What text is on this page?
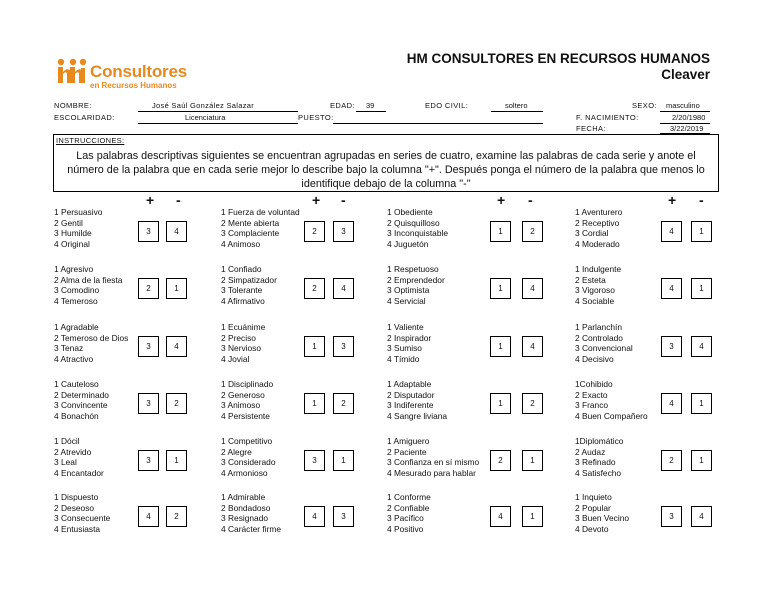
Consultores
en Recursos Humanos
HM CONSULTORES EN RECURSOS HUMANOS
Cleaver
NOMBRE:	José Saúl González Salazar	EDAD: 39	EDO CIVIL:	soltero	SEXO: masculino
ESCOLARIDAD:	Licenciatura	PUESTO:	F. NACIMIENTO:	2/20/1980
FECHA:	3/22/2019
INSTRUCCIONES:
Las palabras descriptivas siguientes se encuentran agrupadas en series de cuatro, examine las palabras de cada serie y anote el número de la palabra que en cada serie mejor lo describe bajo la columna "+". Después ponga el número de la palabra que menos lo identifique debajo de la columna "-"
+ -	+ -	+ -	+ -
1 Persuasivo
2 Gentil
3 Humilde
4 Original
3	4
1 Agresivo
2 Alma de la fiesta
3 Comodino
4 Temeroso
2	1
1 Agradable
2 Temeroso de Dios
3 Tenaz
4 Atractivo
3	4
1 Cauteloso
2 Determinado
3 Convincente
4 Bonachón
3	2
1 Dócil
2 Atrevido
3 Leal
4 Encantador
3	1
1 Dispuesto
2 Deseoso
3 Consecuente
4 Entusiasta
4	2
1 Fuerza de voluntad
2 Mente abierta
3 Complaciente
4 Animoso
2	3
1 Confiado
2 Simpatizador
3 Tolerante
4 Afirmativo
2	4
1 Ecuánime
2 Preciso
3 Nervioso
4 Jovial
1	3
1 Disciplinado
2 Generoso
3 Animoso
4 Persistente
1	2
1 Competitivo
2 Alegre
3 Considerado
4 Armonioso
3	1
1 Admirable
2 Bondadoso
3 Resignado
4 Carácter firme
4	3
1 Obediente
2 Quisquilloso
3 Inconquistable
4 Juguetón
1	2
1 Respetuoso
2 Emprendedor
3 Optimista
4 Servicial
1	4
1 Valiente
2 Inspirador
3 Sumiso
4 Tímido
1	4
1 Adaptable
2 Disputador
3 Indiferente
4 Sangre liviana
1	2
1 Amiguero
2 Paciente
3 Confianza en sí mismo
4 Mesurado para hablar
2	1
1 Conforme
2 Confiable
3 Pacífico
4 Positivo
4	1
1 Aventurero
2 Receptivo
3 Cordial
4 Moderado
4	1
1 Indulgente
2 Esteta
3 Vigoroso
4 Sociable
4	1
1 Parlanchín
2 Controlado
3 Convencional
4 Decisivo
3	4
1Cohibido
2 Exacto
3 Franco
4 Buen Compañero
4	1
1Diplomático
2 Audaz
3 Refinado
4 Satisfecho
2	1
1 Inquieto
2 Popular
3 Buen Vecino
4 Devoto
3	4
